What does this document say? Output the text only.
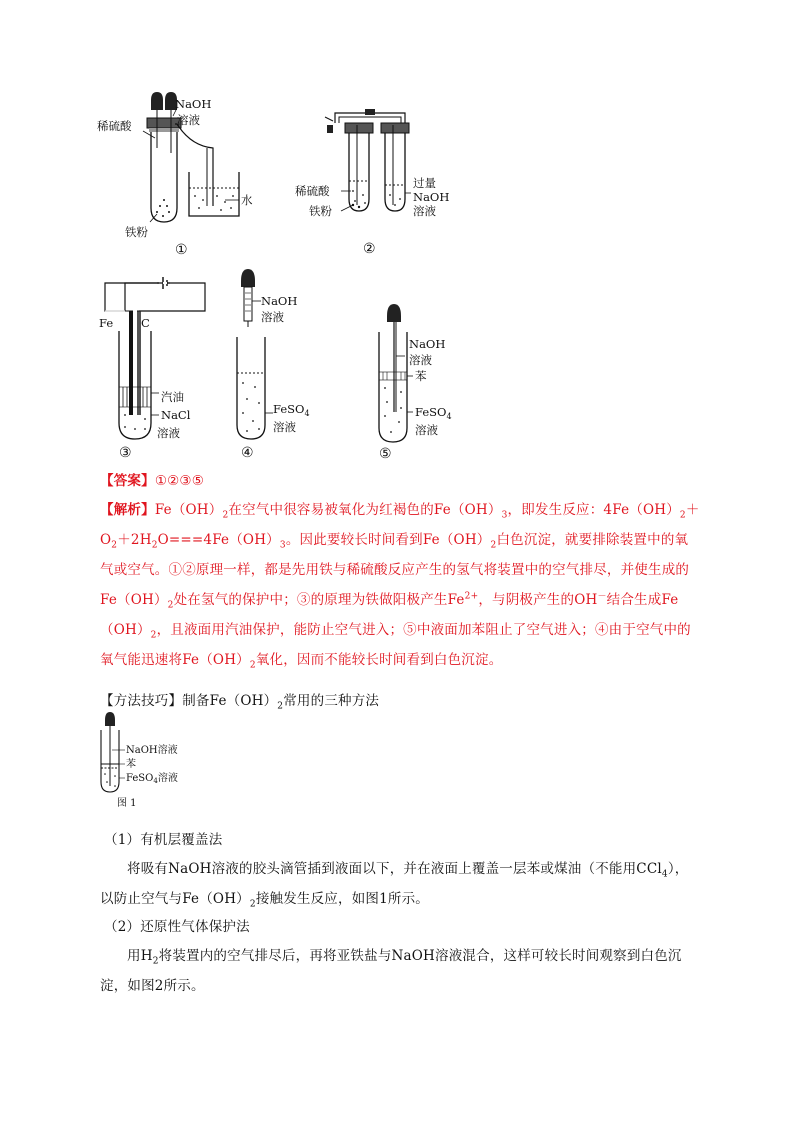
稀硫酸
NaOH
溶液
水
铁粉
①
稀硫酸
铁粉
过量
NaOH
溶液
②
Fe C
汽油
NaCl
溶液
③
NaOH
溶液
FeSO$_4$
溶液
④
NaOH
溶液
苯
FeSO$_4$
溶液
⑤
【答案】①②③⑤
【解析】$Fe(OH)_2$在空气中很容易被氧化为红褐色的$Fe(OH)_3$，即发生反应：$4Fe(OH)_2+O_2+2H_2O===4Fe(OH)_3$。因此要较长时间看到$Fe(OH)_2$白色沉淀，就要排除装置中的氧气或空气。①②原理一样，都是先用铁与稀硫酸反应产生的氢气将装置中的空气排尽，并使生成的$Fe(OH)_2$处在氢气的保护中；③的原理为铁做阳极产生$Fe^{2+}$，与阴极产生的OH－结合生成$Fe(OH)_2$，且液面用汽油保护，能防止空气进入；⑤中液面加苯阻止了空气进入；④由于空气中的氧气能迅速将$Fe(OH)_2$氧化，因而不能较长时间看到白色沉淀。
【方法技巧】制备$Fe(OH)_2$常用的三种方法
NaOH溶液
苯
FeSO$_4$溶液
图 1
（1）有机层覆盖法
将吸有NaOH溶液的胶头滴管插到液面以下，并在液面上覆盖一层苯或煤油（不能用CCl$_4$），以防止空气与$Fe(OH)_2$接触发生反应，如图1所示。
（2）还原性气体保护法
用$H_2$将装置内的空气排尽后，再将亚铁盐与NaOH溶液混合，这样可较长时间观察到白色沉淀，如图2所示。
